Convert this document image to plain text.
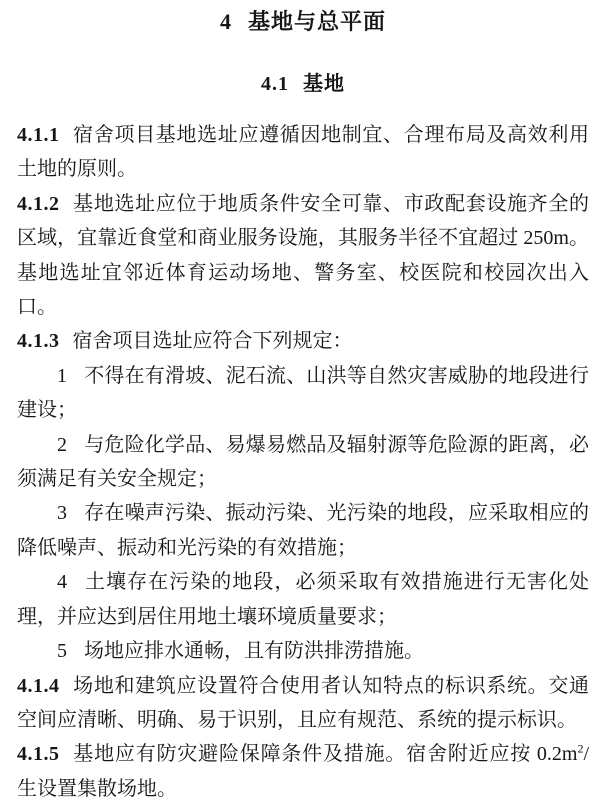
4 基地与总平面
4.1 基地

4.1.1 宿舍项目基地选址应遵循因地制宜、合理布局及高效利用土地的原则。

4.1.2 基地选址应位于地质条件安全可靠、市政配套设施齐全的区域，宜靠近食堂和商业服务设施，其服务半径不宜超过 250m。基地选址宜邻近体育运动场地、警务室、校医院和校园次出入口。

4.1.3 宿舍项目选址应符合下列规定：

1 不得在有滑坡、泥石流、山洪等自然灾害威胁的地段进行建设；

2 与危险化学品、易爆易燃品及辐射源等危险源的距离，必须满足有关安全规定；

3 存在噪声污染、振动污染、光污染的地段，应采取相应的降低噪声、振动和光污染的有效措施；

4 土壤存在污染的地段，必须采取有效措施进行无害化处理，并应达到居住用地土壤环境质量要求；

5 场地应排水通畅，且有防洪排涝措施。

4.1.4 场地和建筑应设置符合使用者认知特点的标识系统。交通空间应清晰、明确、易于识别，且应有规范、系统的提示标识。

4.1.5 基地应有防灾避险保障条件及措施。宿舍附近应按 $0.2m^2/$生设置集散场地。
